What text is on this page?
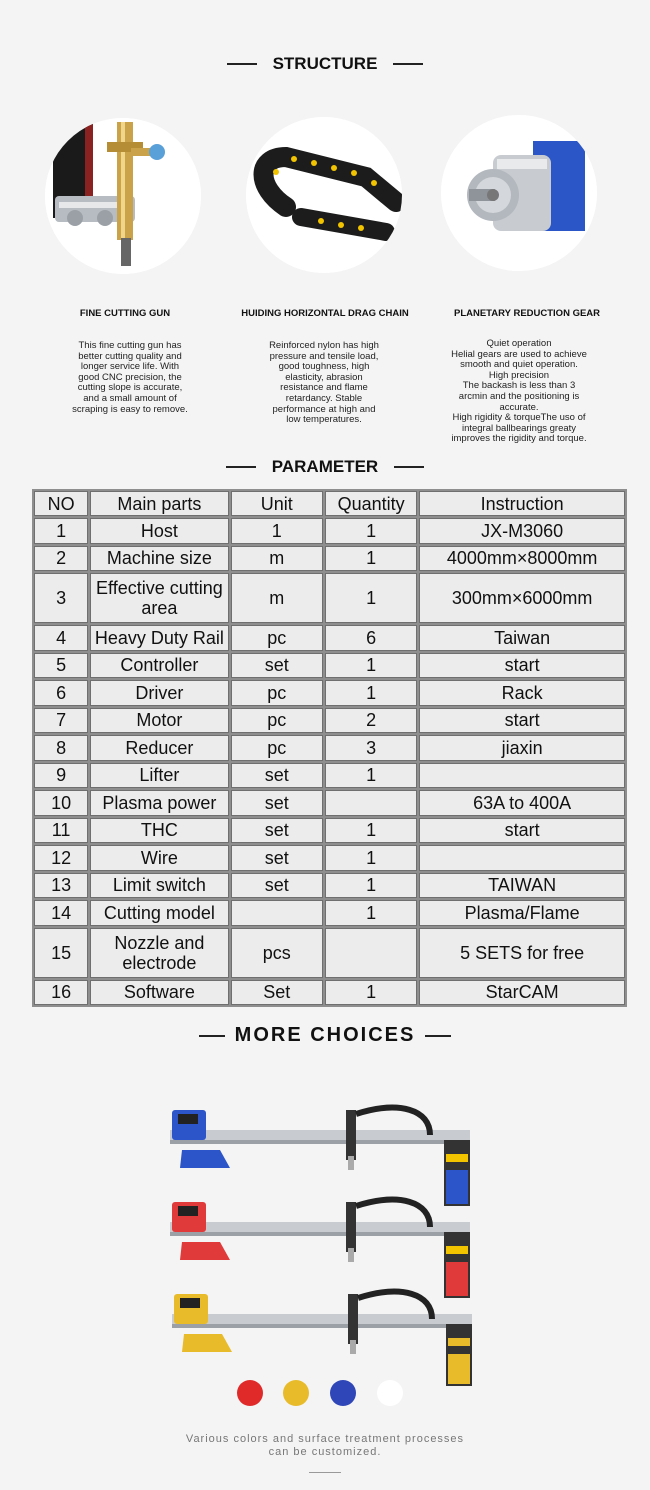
STRUCTURE
FINE CUTTING GUN	HUIDING HORIZONTAL DRAG CHAIN	PLANETARY REDUCTION GEAR
This fine cutting gun has
better cutting quality and
longer service life. With
good CNC precision, the
cutting slope is accurate,
and a small amount of
scraping is easy to remove.
Reinforced nylon has high
pressure and tensile load,
good toughness, high
elasticity, abrasion
resistance and flame
retardancy. Stable
performance at high and
low temperatures.
Quiet operation
Helial gears are used to achieve
smooth and quiet operation.
High precision
The backash is less than 3
arcmin and the positioning is
accurate.
High rigidity & torqueThe uso of
integral ballbearings greaty
improves the rigidity and torque.
PARAMETER
NO	Main parts	Unit	Quantity	Instruction
1	Host	1	1	JX-M3060
2	Machine size	m	1	4000mm×8000mm
3	Effective cutting area	m	1	300mm×6000mm
4	Heavy Duty Rail	pc	6	Taiwan
5	Controller	set	1	start
6	Driver	pc	1	Rack
7	Motor	pc	2	start
8	Reducer	pc	3	jiaxin
9	Lifter	set	1	
10	Plasma power	set		63A to 400A
11	THC	set	1	start
12	Wire	set	1	
13	Limit switch	set	1	TAIWAN
14	Cutting model		1	Plasma/Flame
15	Nozzle and electrode	pcs		5 SETS for free
16	Software	Set	1	StarCAM
MORE CHOICES
Various colors and surface treatment processes
can be customized.
